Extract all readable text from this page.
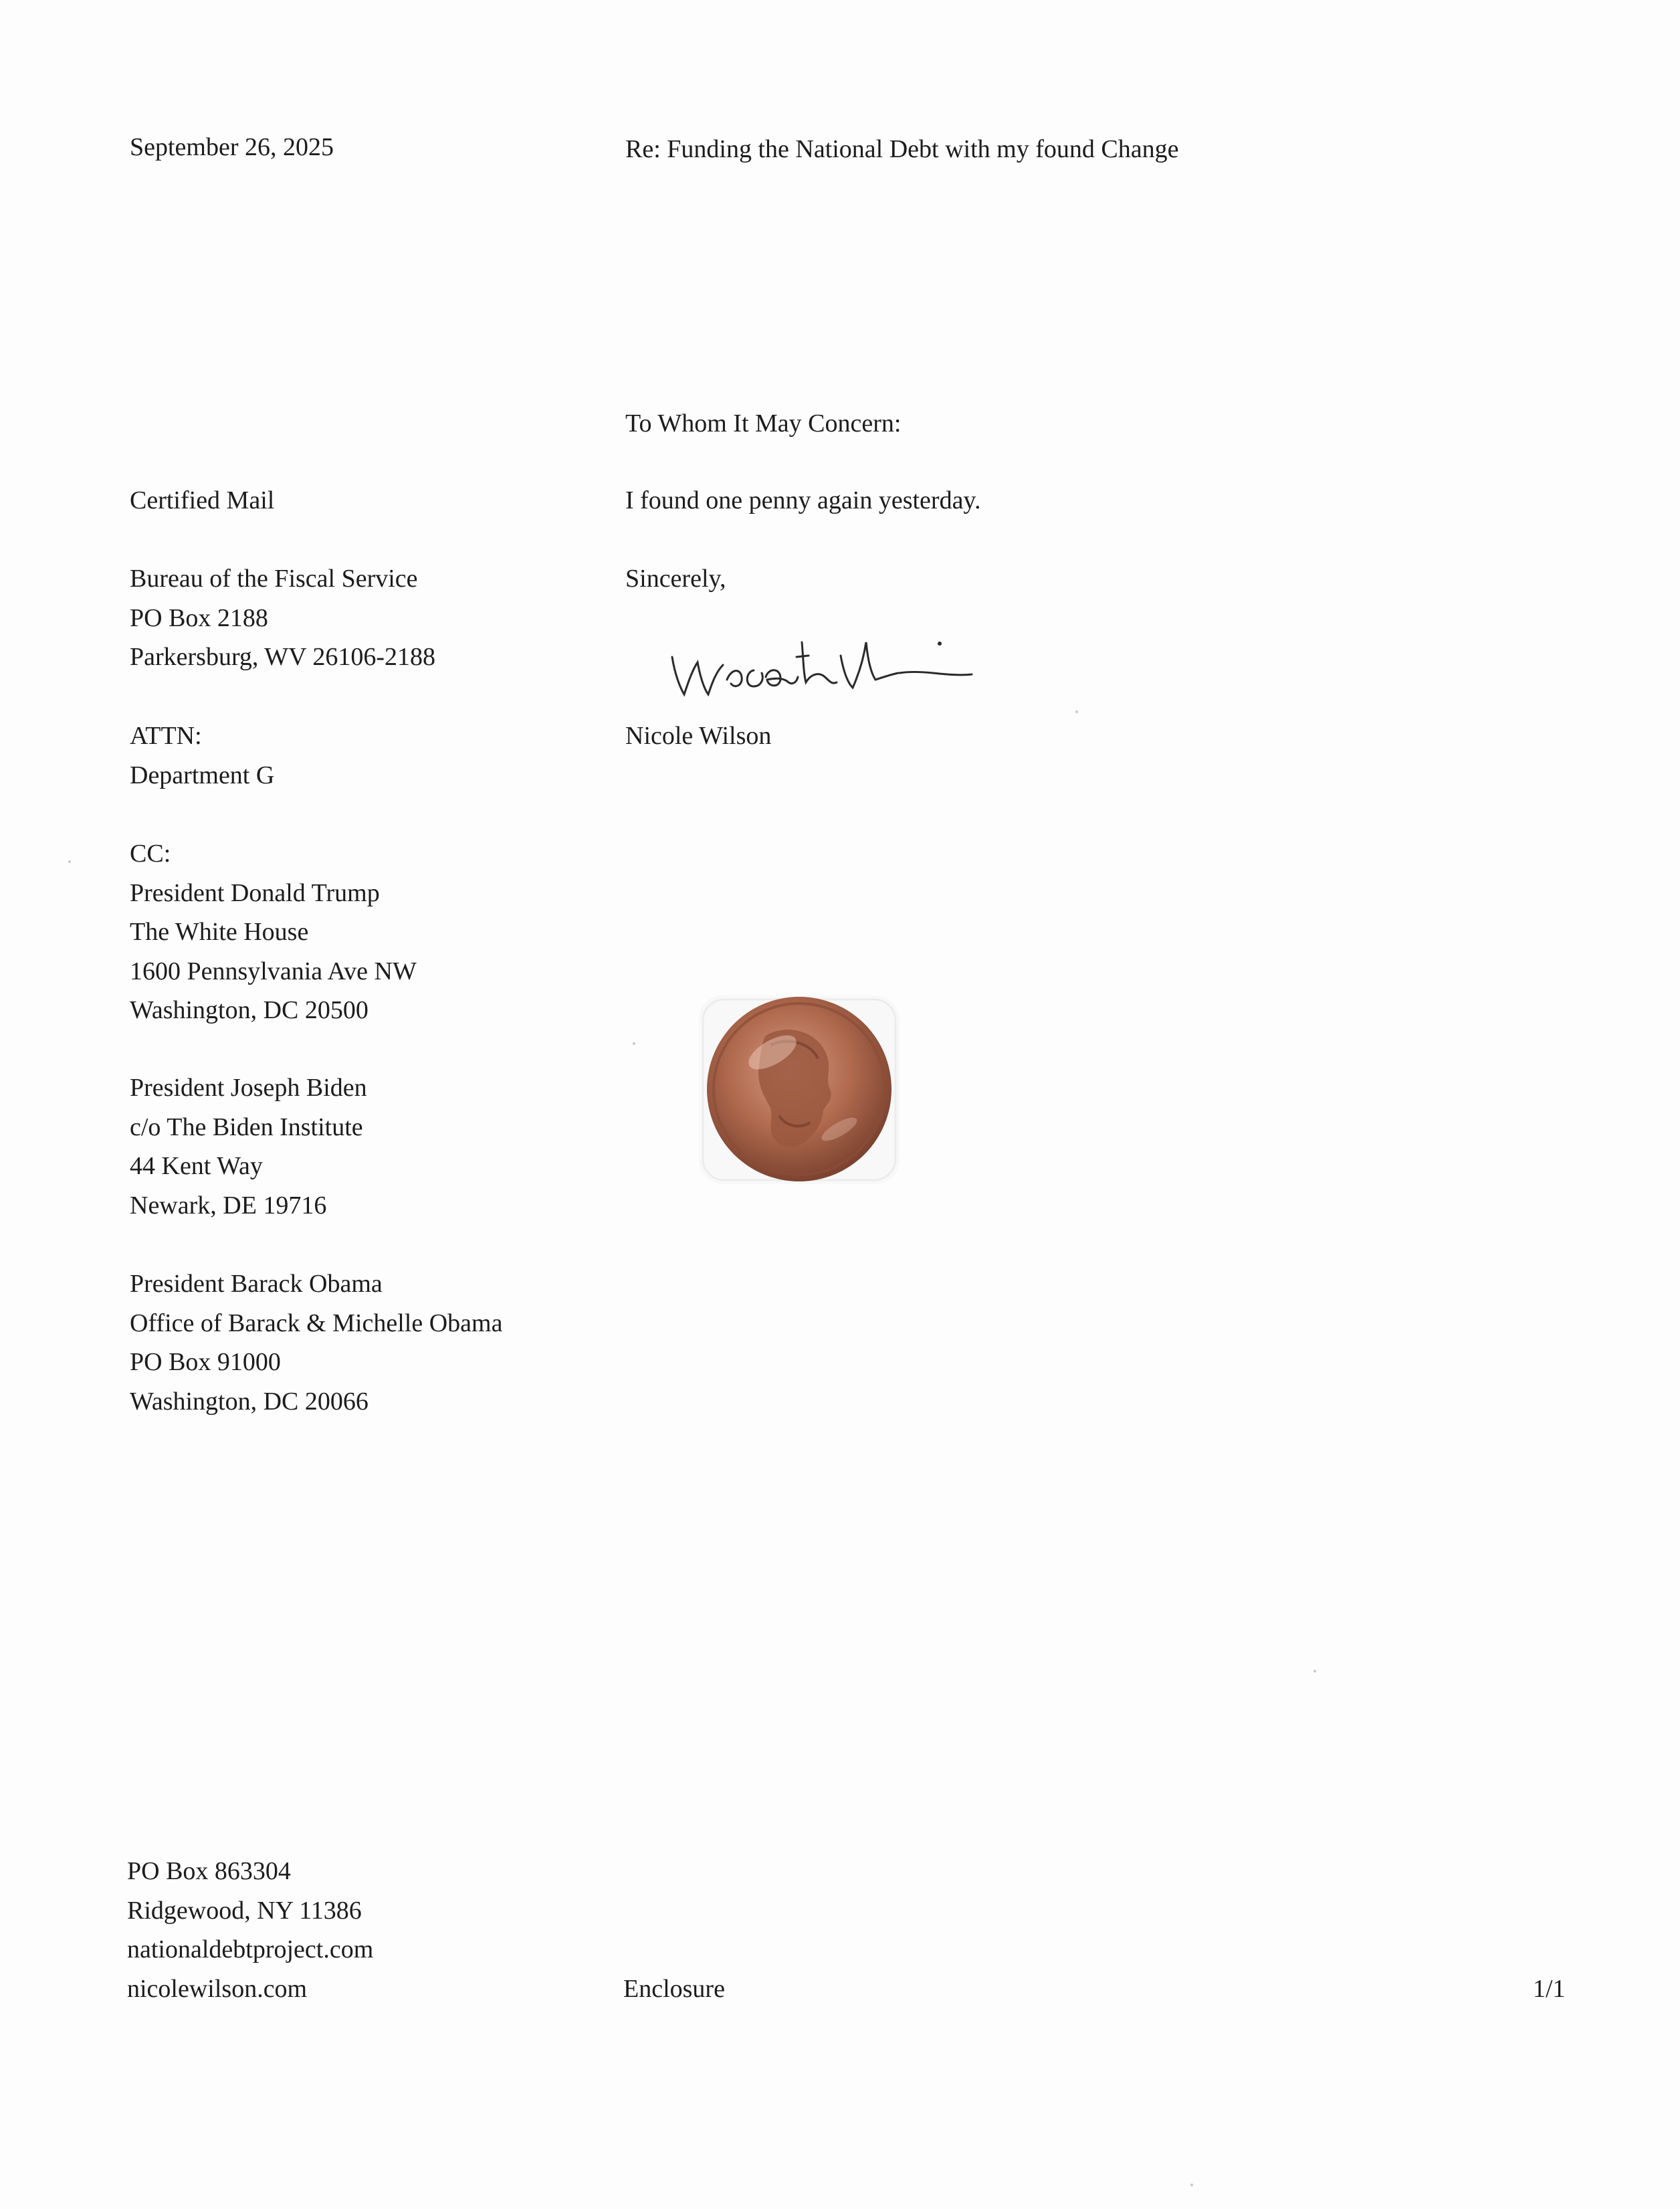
September 26, 2025	Re: Funding the National Debt with my found Change

To Whom It May Concern:

I found one penny again yesterday.

Sincerely,

Nicole Wilson

Certified Mail

Bureau of the Fiscal Service
PO Box 2188
Parkersburg, WV 26106-2188
ATTN:
Department G
CC:
President Donald Trump
The White House
1600 Pennsylvania Ave NW
Washington, DC 20500
President Joseph Biden
c/o The Biden Institute
44 Kent Way
Newark, DE 19716
President Barack Obama
Office of Barack & Michelle Obama
PO Box 91000
Washington, DC 20066
PO Box 863304
Ridgewood, NY 11386
nationaldebtproject.com
nicolewilson.com	Enclosure	1/1
